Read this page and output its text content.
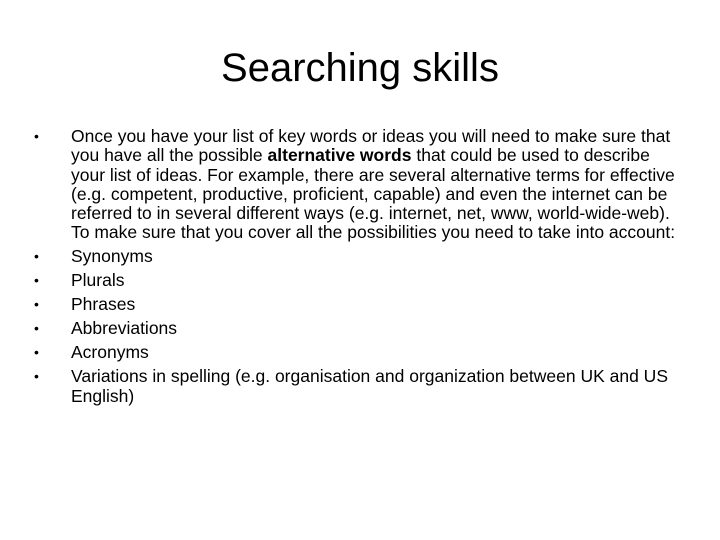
Searching skills
• Once you have your list of key words or ideas you will need to make sure that you have all the possible alternative words that could be used to describe your list of ideas. For example, there are several alternative terms for effective (e.g. competent, productive, proficient, capable) and even the internet can be referred to in several different ways (e.g. internet, net, www, world-wide-web). To make sure that you cover all the possibilities you need to take into account:
• Synonyms
• Plurals
• Phrases
• Abbreviations
• Acronyms
• Variations in spelling (e.g. organisation and organization between UK and US English)
